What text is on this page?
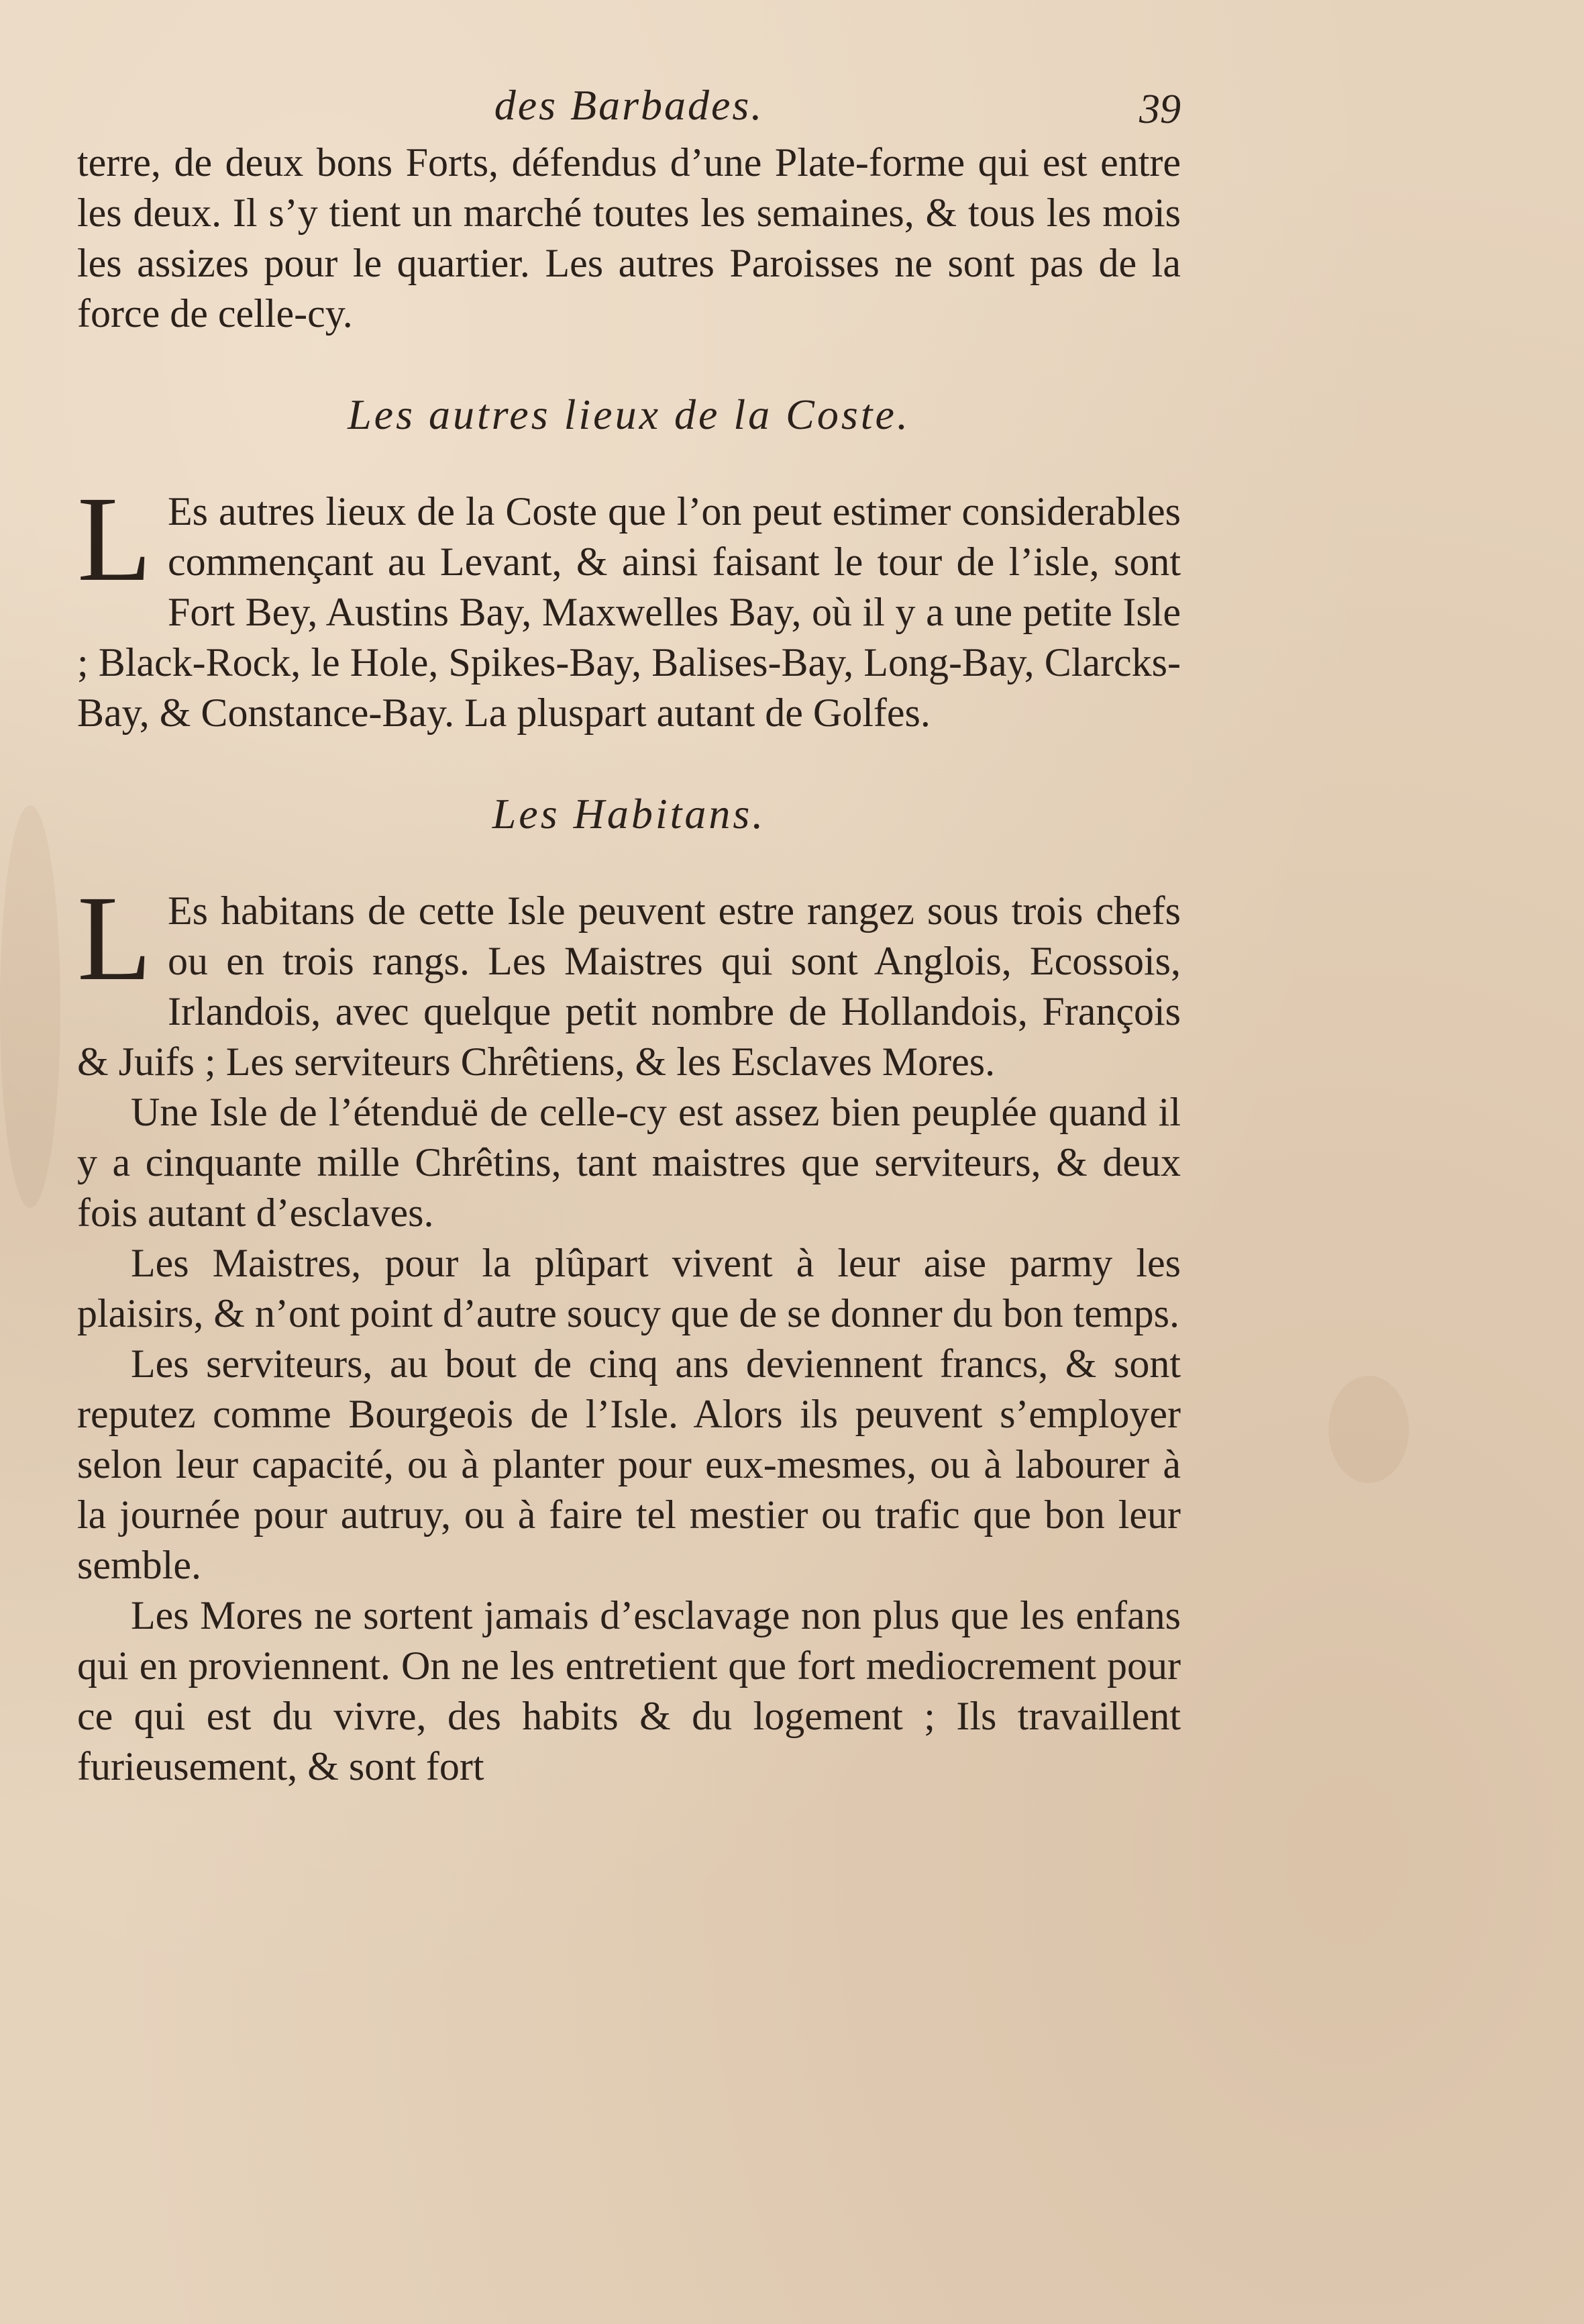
des Barbades.	39

terre, de deux bons Forts, défendus d’une Plate-forme qui est entre les deux. Il s’y tient un marché toutes les semaines, & tous les mois les assizes pour le quartier. Les autres Paroisses ne sont pas de la force de celle-cy.

Les autres lieux de la Coste.

L Es autres lieux de la Coste que l’on peut estimer considerables commençant au Levant, & ainsi faisant le tour de l’isle, sont Fort Bey, Austins Bay, Maxwelles Bay, où il y a une petite Isle ; Black-Rock, le Hole, Spikes-Bay, Balises-Bay, Long-Bay, Clarcks-Bay, & Constance-Bay. La pluspart autant de Golfes.

Les Habitans.

L Es habitans de cette Isle peuvent estre rangez sous trois chefs ou en trois rangs. Les Maistres qui sont Anglois, Ecossois, Irlandois, avec quelque petit nombre de Hollandois, François & Juifs ; Les serviteurs Chrêtiens, & les Esclaves Mores.

Une Isle de l’étenduë de celle-cy est assez bien peuplée quand il y a cinquante mille Chrêtins, tant maistres que serviteurs, & deux fois autant d’esclaves.

Les Maistres, pour la plûpart vivent à leur aise parmy les plaisirs, & n’ont point d’autre soucy que de se donner du bon temps.

Les serviteurs, au bout de cinq ans deviennent francs, & sont reputez comme Bourgeois de l’Isle. Alors ils peuvent s’employer selon leur capacité, ou à planter pour eux-mesmes, ou à labourer à la journée pour autruy, ou à faire tel mestier ou trafic que bon leur semble.

Les Mores ne sortent jamais d’esclavage non plus que les enfans qui en proviennent. On ne les entretient que fort mediocrement pour ce qui est du vivre, des habits & du logement ; Ils travaillent furieusement, & sont fort
